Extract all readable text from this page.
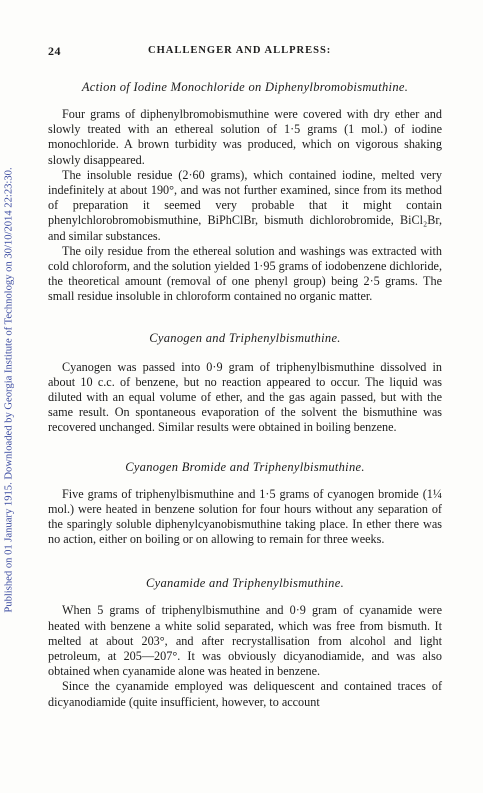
Published on 01 January 1915. Downloaded by Georgia Institute of Technology on 30/10/2014 22:23:30.
24	CHALLENGER AND ALLPRESS:
Action of Iodine Monochloride on Diphenylbromobismuthine.

Four grams of diphenylbromobismuthine were covered with dry ether and slowly treated with an ethereal solution of 1·5 grams (1 mol.) of iodine monochloride. A brown turbidity was produced, which on vigorous shaking slowly disappeared.

The insoluble residue (2·60 grams), which contained iodine, melted very indefinitely at about 190°, and was not further examined, since from its method of preparation it seemed very probable that it might contain phenylchlorobromobismuthine, BiPhClBr, bismuth dichlorobromide, BiCl₂Br, and similar substances.

The oily residue from the ethereal solution and washings was extracted with cold chloroform, and the solution yielded 1·95 grams of iodobenzene dichloride, the theoretical amount (removal of one phenyl group) being 2·5 grams. The small residue insoluble in chloroform contained no organic matter.

Cyanogen and Triphenylbismuthine.

Cyanogen was passed into 0·9 gram of triphenylbismuthine dissolved in about 10 c.c. of benzene, but no reaction appeared to occur. The liquid was diluted with an equal volume of ether, and the gas again passed, but with the same result. On spontaneous evaporation of the solvent the bismuthine was recovered unchanged. Similar results were obtained in boiling benzene.

Cyanogen Bromide and Triphenylbismuthine.

Five grams of triphenylbismuthine and 1·5 grams of cyanogen bromide (1¼ mol.) were heated in benzene solution for four hours without any separation of the sparingly soluble diphenylcyanobismuthine taking place. In ether there was no action, either on boiling or on allowing to remain for three weeks.

Cyanamide and Triphenylbismuthine.

When 5 grams of triphenylbismuthine and 0·9 gram of cyanamide were heated with benzene a white solid separated, which was free from bismuth. It melted at about 203°, and after recrystallisation from alcohol and light petroleum, at 205—207°. It was obviously dicyanodiamide, and was also obtained when cyanamide alone was heated in benzene.

Since the cyanamide employed was deliquescent and contained traces of dicyanodiamide (quite insufficient, however, to account
